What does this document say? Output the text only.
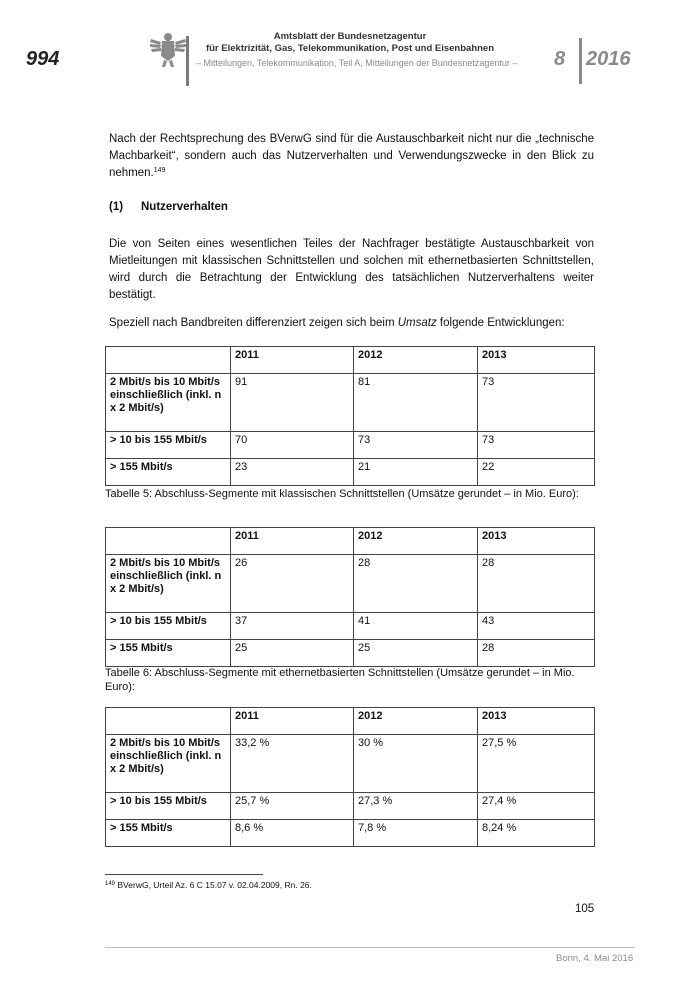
994
Amtsblatt der Bundesnetzagentur
für Elektrizität, Gas, Telekommunikation, Post und Eisenbahnen
– Mitteilungen, Telekommunikation, Teil A, Mitteilungen der Bundesnetzagentur – 8 2016

Nach der Rechtsprechung des BVerwG sind für die Austauschbarkeit nicht nur die „technische Machbarkeit“, sondern auch das Nutzerverhalten und Verwendungszwecke in den Blick zu nehmen.$^{149}$

(1) Nutzerverhalten

Die von Seiten eines wesentlichen Teiles der Nachfrager bestätigte Austauschbarkeit von Mietleitungen mit klassischen Schnittstellen und solchen mit ethernetbasierten Schnittstellen, wird durch die Betrachtung der Entwicklung des tatsächlichen Nutzerverhaltens weiter bestätigt.

Speziell nach Bandbreiten differenziert zeigen sich beim Umsatz folgende Entwicklungen:

	2011	2012	2013
2 Mbit/s bis 10 Mbit/s einschließlich (inkl. n x 2 Mbit/s)	91	81	73
> 10 bis 155 Mbit/s	70	73	73
> 155 Mbit/s	23	21	22
Tabelle 5: Abschluss-Segmente mit klassischen Schnittstellen (Umsätze gerundet – in Mio. Euro):
	2011	2012	2013
2 Mbit/s bis 10 Mbit/s einschließlich (inkl. n x 2 Mbit/s)	26	28	28
> 10 bis 155 Mbit/s	37	41	43
> 155 Mbit/s	25	25	28
Tabelle 6: Abschluss-Segmente mit ethernetbasierten Schnittstellen (Umsätze gerundet – in Mio. Euro):
	2011	2012	2013
2 Mbit/s bis 10 Mbit/s einschließlich (inkl. n x 2 Mbit/s)	33,2 %	30 %	27,5 %
> 10 bis 155 Mbit/s	25,7 %	27,3 %	27,4 %
> 155 Mbit/s	8,6 %	7,8 %	8,24 %
$^{149}$ BVerwG, Urteil Az. 6 C 15.07 v. 02.04.2009, Rn. 26.
105
Bonn, 4. Mai 2016
